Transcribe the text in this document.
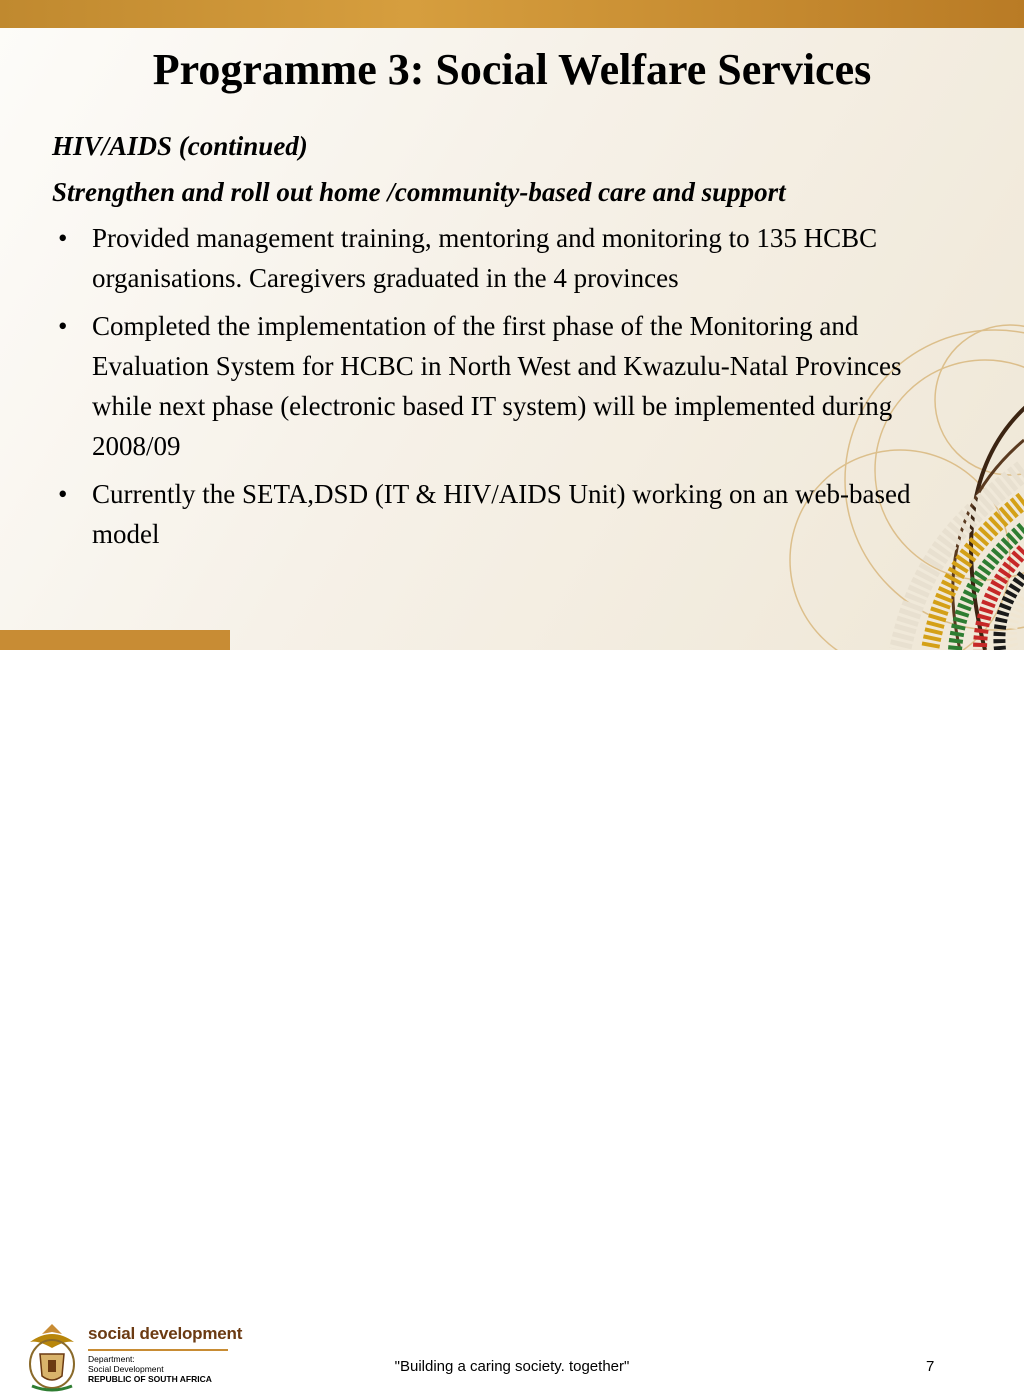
Programme 3: Social Welfare Services

HIV/AIDS (continued)

Strengthen and roll out home /community-based care and support

• Provided management training, mentoring and monitoring to 135 HCBC organisations. Caregivers graduated in the 4 provinces
• Completed the implementation of the first phase of the Monitoring and Evaluation System for HCBC in North West and Kwazulu-Natal Provinces while next phase (electronic based IT system) will be implemented during 2008/09
• Currently the SETA,DSD (IT & HIV/AIDS Unit) working on an web-based model
social development
Department:
Social Development
REPUBLIC OF SOUTH AFRICA
"Building a caring society. together"	7
